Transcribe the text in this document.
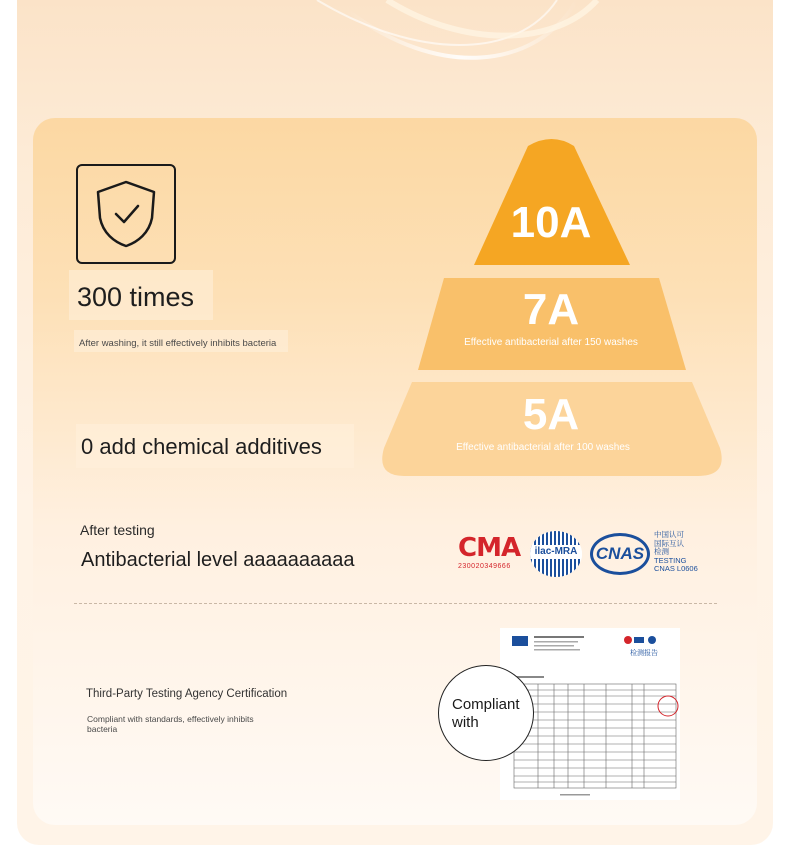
300 times
After washing, it still effectively inhibits bacteria
0 add chemical additives
10A
7A
Effective antibacterial after 150 washes
5A
Effective antibacterial after 100 washes
After testing
Antibacterial level aaaaaaaaaa	CMA
230020349666
ilac-MRA CNAS
中国认可
国际互认
检测
TESTING
CNAS L0606
Third-Party Testing Agency Certification
Compliant with standards, effectively inhibits bacteria
检测报告
Compliant with
